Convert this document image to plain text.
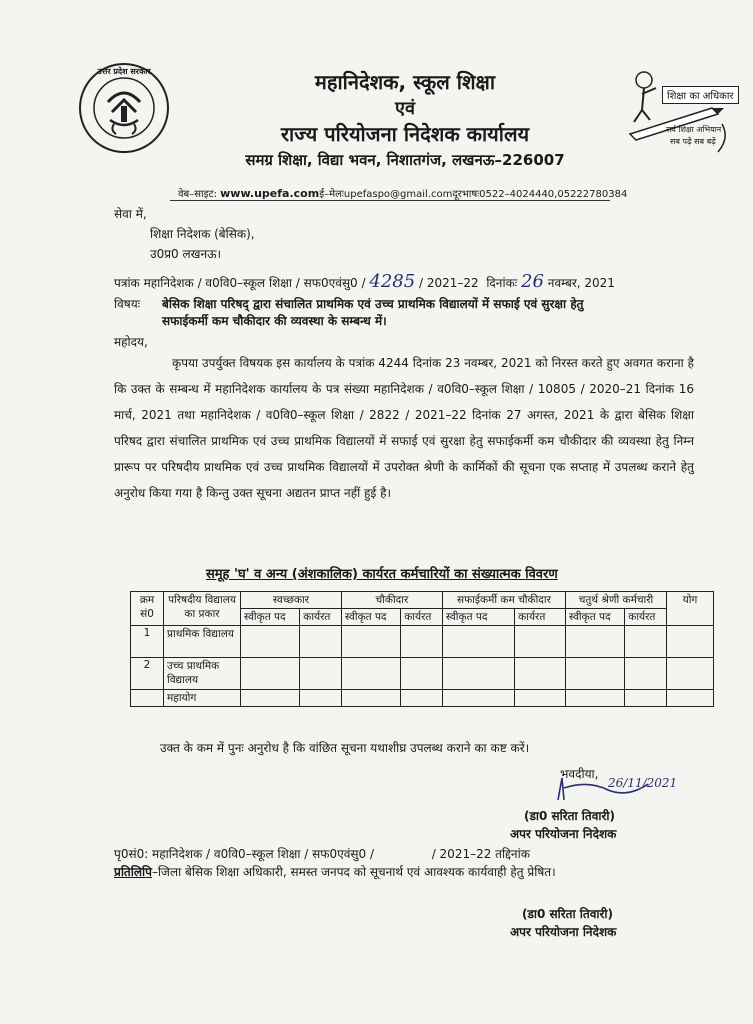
उत्तर प्रदेश सरकार	महानिदेशक, स्कूल शिक्षा
एवं
राज्य परियोजना निदेशक कार्यालय
समग्र शिक्षा, विद्या भवन, निशातगंज, लखनऊ–226007
शिक्षा का अधिकार
सर्व शिक्षा अभियान
सब पढ़ें सब बढ़ें
वेब–साइट: www.upefa.comई–मेलःupefaspo@gmail.comदूरभाषः0522–4024440,05222780384
सेवा में,
शिक्षा निदेशक (बेसिक),
उ0प्र0 लखनऊ।
पत्रांक महानिदेशक / व0वि0–स्कूल शिक्षा / सफ0एवंसु0 / 4285 / 2021–22 दिनांकः 26 नवम्बर, 2021
विषयः बेसिक शिक्षा परिषद् द्वारा संचालित प्राथमिक एवं उच्च प्राथमिक विद्यालयों में सफाई एवं सुरक्षा हेतु
सफाईकर्मी कम चौकीदार की व्यवस्था के सम्बन्ध में।
महोदय,
कृपया उपर्युक्त विषयक इस कार्यालय के पत्रांक 4244 दिनांक 23 नवम्बर, 2021 को निरस्त करते हुए अवगत कराना है कि उक्त के सम्बन्ध में महानिदेशक कार्यालय के पत्र संख्या महानिदेशक / व0वि0–स्कूल शिक्षा / 10805 / 2020–21 दिनांक 16 मार्च, 2021 तथा महानिदेशक / व0वि0–स्कूल शिक्षा / 2822 / 2021–22 दिनांक 27 अगस्त, 2021 के द्वारा बेसिक शिक्षा परिषद द्वारा संचालित प्राथमिक एवं उच्च प्राथमिक विद्यालयों में सफाई एवं सुरक्षा हेतु सफाईकर्मी कम चौकीदार की व्यवस्था हेतु निम्न प्रारूप पर परिषदीय प्राथमिक एवं उच्च प्राथमिक विद्यालयों में उपरोक्त श्रेणी के कार्मिकों की सूचना एक सप्ताह में उपलब्ध कराने हेतु अनुरोध किया गया है किन्तु उक्त सूचना अद्यतन प्राप्त नहीं हुई है।
समूह 'घ' व अन्य (अंशकालिक) कार्यरत कर्मचारियों का संख्यात्मक विवरण
क्रम सं0	परिषदीय विद्यालय का प्रकार	स्वच्छकार		चौकीदार		सफाईकर्मी कम चौकीदार		चतुर्थ श्रेणी कर्मचारी		योग
		स्वीकृत पद	कार्यरत	स्वीकृत पद	कार्यरत	स्वीकृत पद	कार्यरत	स्वीकृत पद	कार्यरत	
1	प्राथमिक विद्यालय									
2	उच्च प्राथमिक विद्यालय									
	महायोग									
उक्त के कम में पुनः अनुरोध है कि वांछित सूचना यथाशीघ्र उपलब्ध कराने का कष्ट करें।
भवदीया,
26/11/2021
(डा0 सरिता तिवारी)
अपर परियोजना निदेशक
पृ0सं0: महानिदेशक / व0वि0–स्कूल शिक्षा / सफ0एवंसु0 /	/ 2021–22 तद्दिनांक
प्रतिलिपि–जिला बेसिक शिक्षा अधिकारी, समस्त जनपद को सूचनार्थ एवं आवश्यक कार्यवाही हेतु प्रेषित।
(डा0 सरिता तिवारी)
अपर परियोजना निदेशक
